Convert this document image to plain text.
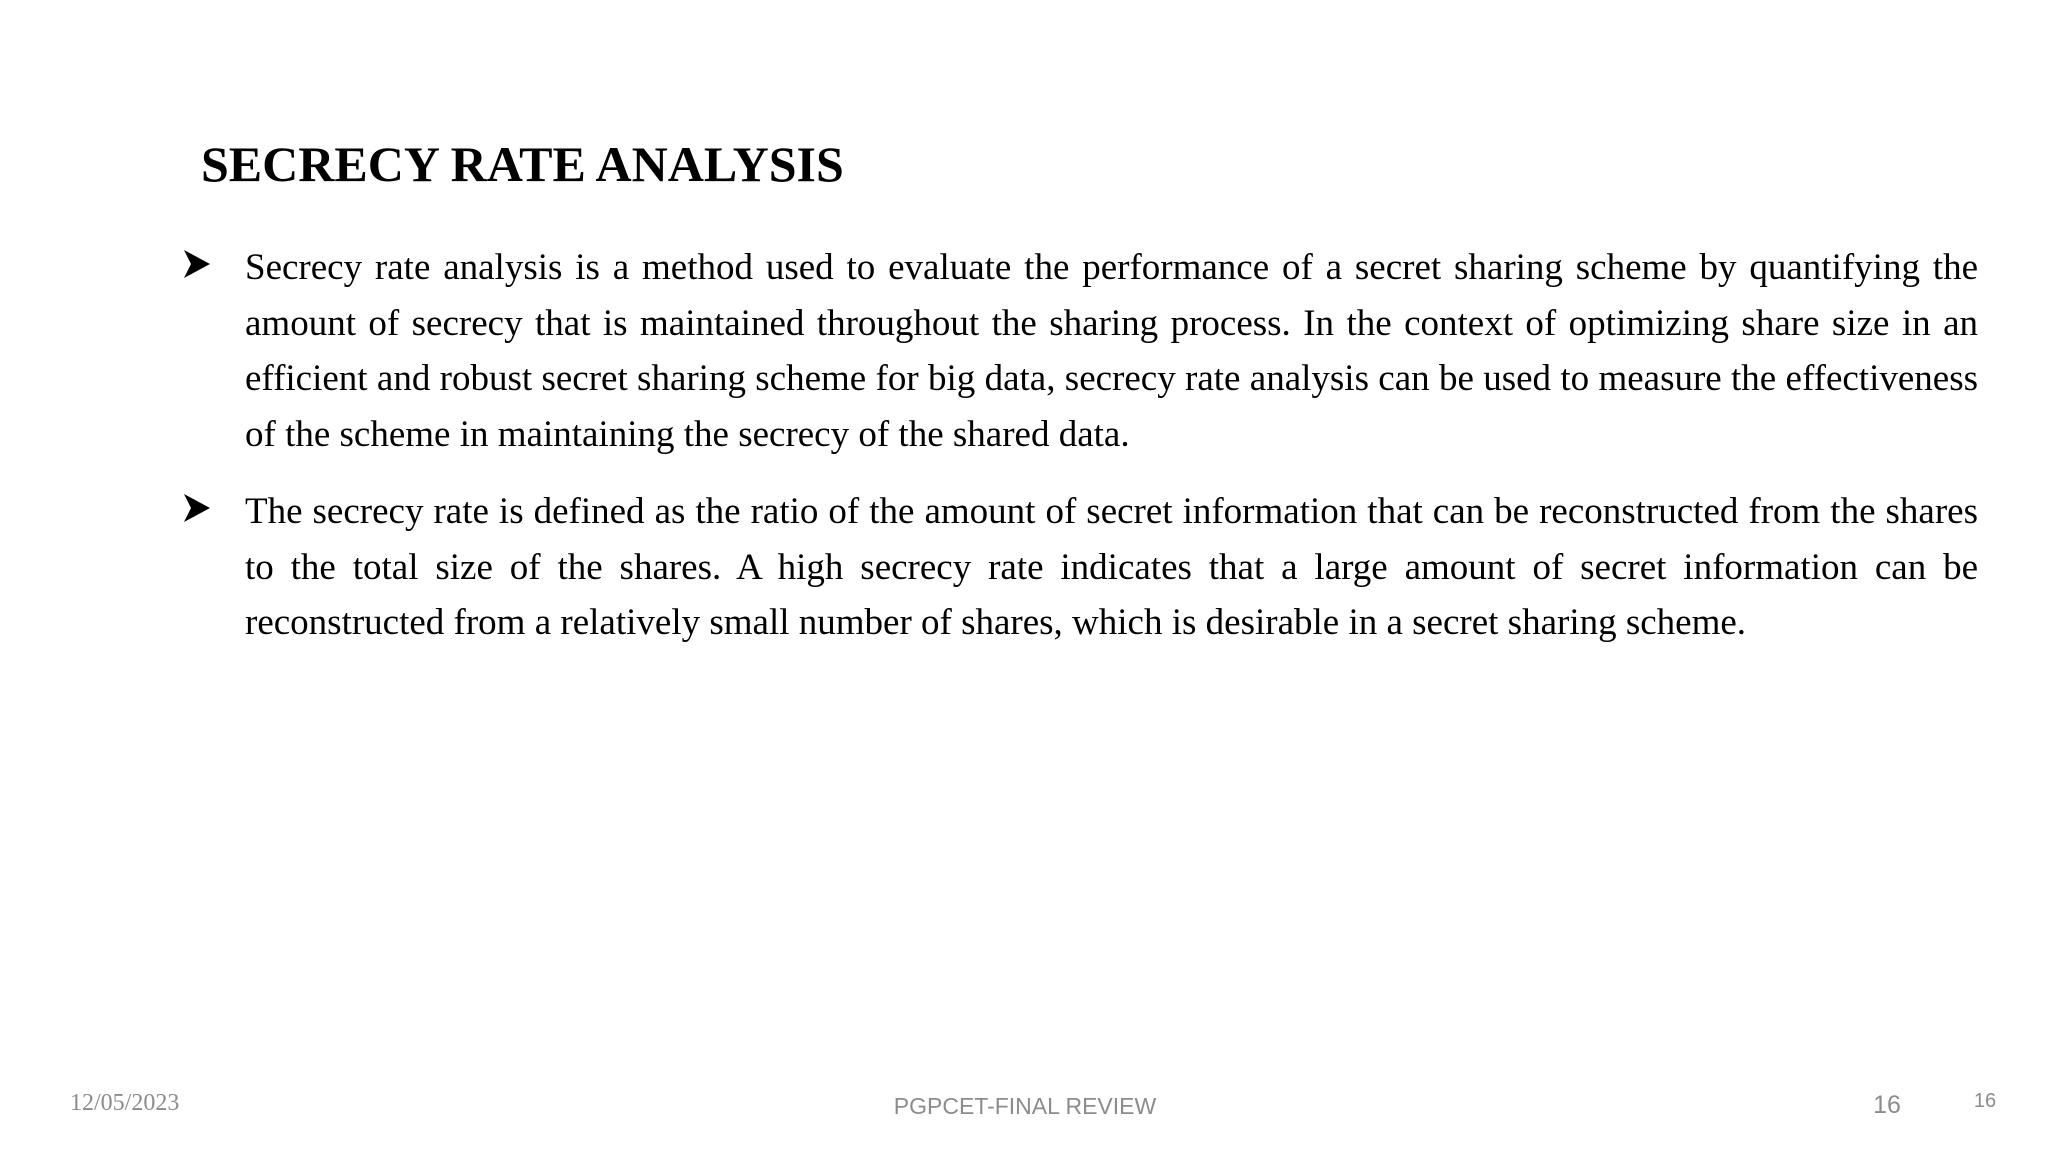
SECRECY RATE ANALYSIS
Secrecy rate analysis is a method used to evaluate the performance of a secret sharing scheme by quantifying the amount of secrecy that is maintained throughout the sharing process. In the context of optimizing share size in an efficient and robust secret sharing scheme for big data, secrecy rate analysis can be used to measure the effectiveness of the scheme in maintaining the secrecy of the shared data.
The secrecy rate is defined as the ratio of the amount of secret information that can be reconstructed from the shares to the total size of the shares. A high secrecy rate indicates that a large amount of secret information can be reconstructed from a relatively small number of shares, which is desirable in a secret sharing scheme.
12/05/2023	PGPCET-FINAL REVIEW	16	16
